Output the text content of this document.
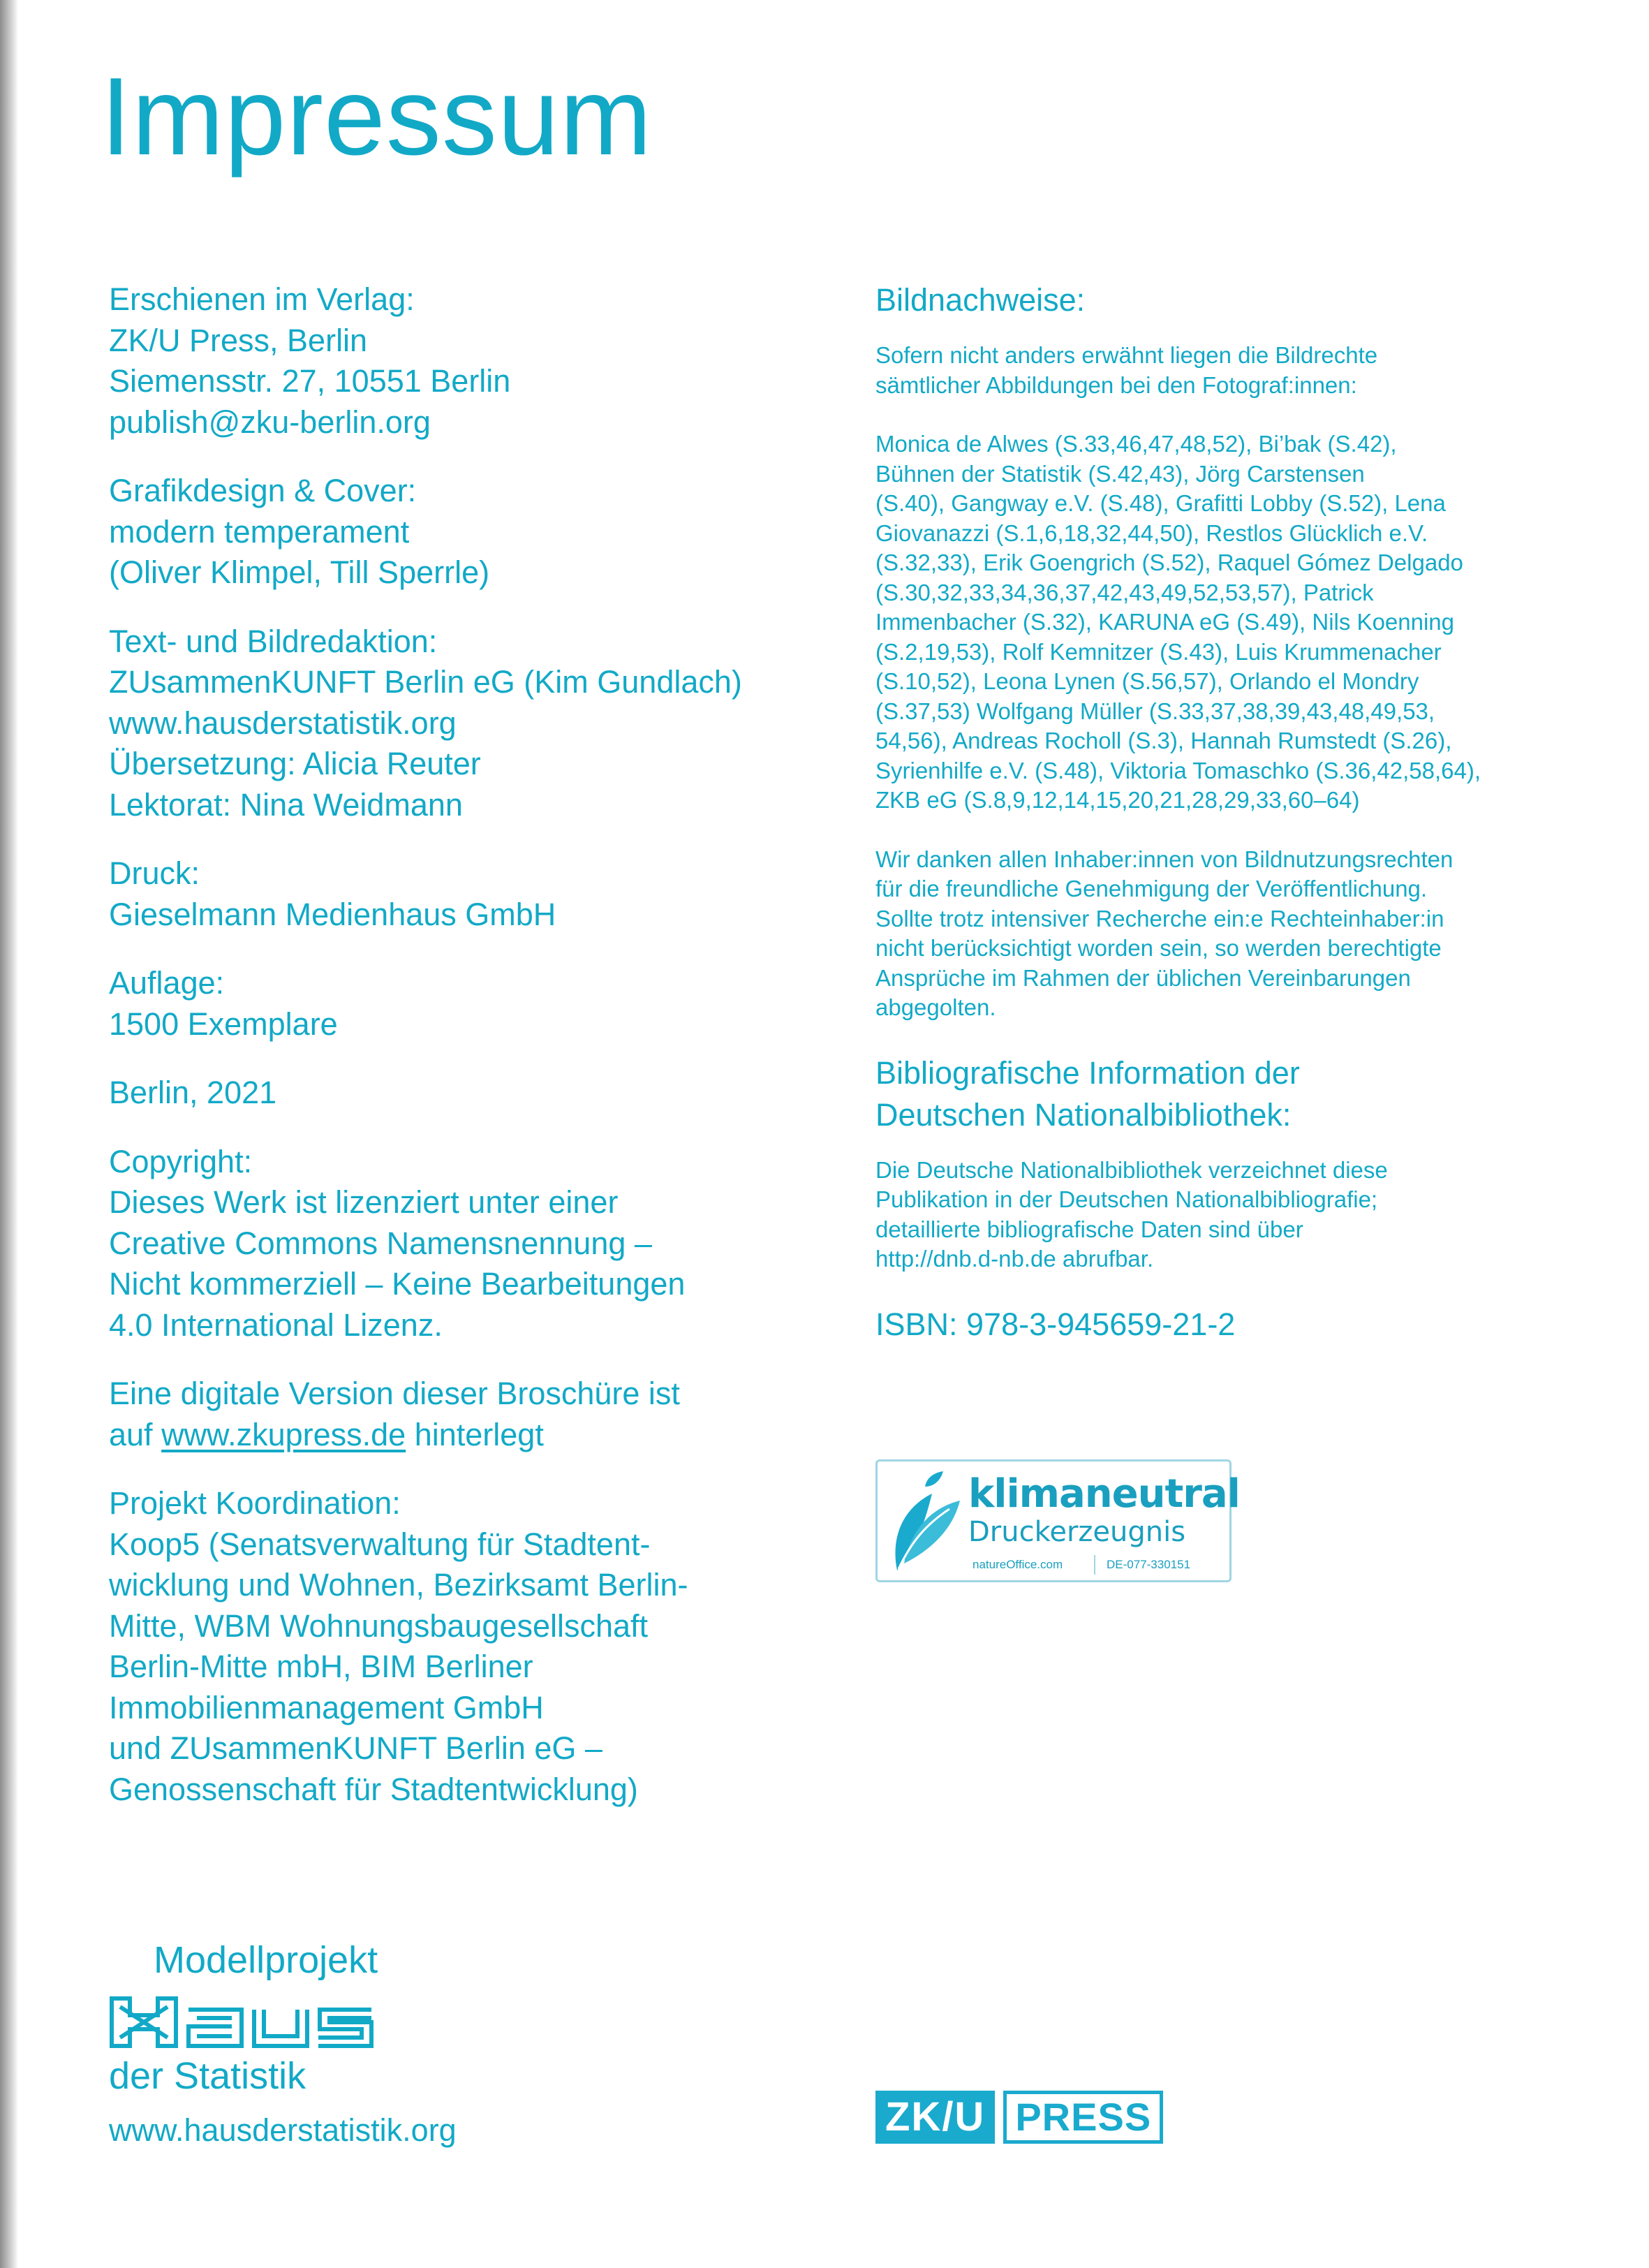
Impressum
Erschienen im Verlag:
ZK/U Press, Berlin
Siemensstr. 27, 10551 Berlin
publish@zku-berlin.org
Grafikdesign & Cover:
modern temperament
(Oliver Klimpel, Till Sperrle)
Text- und Bildredaktion:
ZUsammenKUNFT Berlin eG (Kim Gundlach)
www.hausderstatistik.org
Übersetzung: Alicia Reuter
Lektorat: Nina Weidmann
Druck:
Gieselmann Medienhaus GmbH
Auflage:
1500 Exemplare
Berlin, 2021
Copyright:
Dieses Werk ist lizenziert unter einer
Creative Commons Namensnennung –
Nicht kommerziell – Keine Bearbeitungen
4.0 International Lizenz.
Eine digitale Version dieser Broschüre ist
auf www.zkupress.de hinterlegt
Projekt Koordination:
Koop5 (Senatsverwaltung für Stadtent-
wicklung und Wohnen, Bezirksamt Berlin-
Mitte, WBM Wohnungsbaugesellschaft
Berlin-Mitte mbH, BIM Berliner
Immobilienmanagement GmbH
und ZUsammenKUNFT Berlin eG –
Genossenschaft für Stadtentwicklung)
Bildnachweise:
Sofern nicht anders erwähnt liegen die Bildrechte
sämtlicher Abbildungen bei den Fotograf:innen:
Monica de Alwes (S.33,46,47,48,52), Bi’bak (S.42),
Bühnen der Statistik (S.42,43), Jörg Carstensen
(S.40), Gangway e.V. (S.48), Grafitti Lobby (S.52), Lena
Giovanazzi (S.1,6,18,32,44,50), Restlos Glücklich e.V.
(S.32,33), Erik Goengrich (S.52), Raquel Gómez Delgado
(S.30,32,33,34,36,37,42,43,49,52,53,57), Patrick
Immenbacher (S.32), KARUNA eG (S.49), Nils Koenning
(S.2,19,53), Rolf Kemnitzer (S.43), Luis Krummenacher
(S.10,52), Leona Lynen (S.56,57), Orlando el Mondry
(S.37,53) Wolfgang Müller (S.33,37,38,39,43,48,49,53,
54,56), Andreas Rocholl (S.3), Hannah Rumstedt (S.26),
Syrienhilfe e.V. (S.48), Viktoria Tomaschko (S.36,42,58,64),
ZKB eG (S.8,9,12,14,15,20,21,28,29,33,60–64)
Wir danken allen Inhaber:innen von Bildnutzungsrechten
für die freundliche Genehmigung der Veröffentlichung.
Sollte trotz intensiver Recherche ein:e Rechteinhaber:in
nicht berücksichtigt worden sein, so werden berechtigte
Ansprüche im Rahmen der üblichen Vereinbarungen
abgegolten.
Bibliografische Information der
Deutschen Nationalbibliothek:
Die Deutsche Nationalbibliothek verzeichnet diese
Publikation in der Deutschen Nationalbibliografie;
detaillierte bibliografische Daten sind über
http://dnb.d-nb.de abrufbar.
ISBN: 978-3-945659-21-2
klimaneutral
Druckerzeugnis
natureOffice.com	DE-077-330151
Modellprojekt
der Statistik
www.hausderstatistik.org	ZK/U PRESS
